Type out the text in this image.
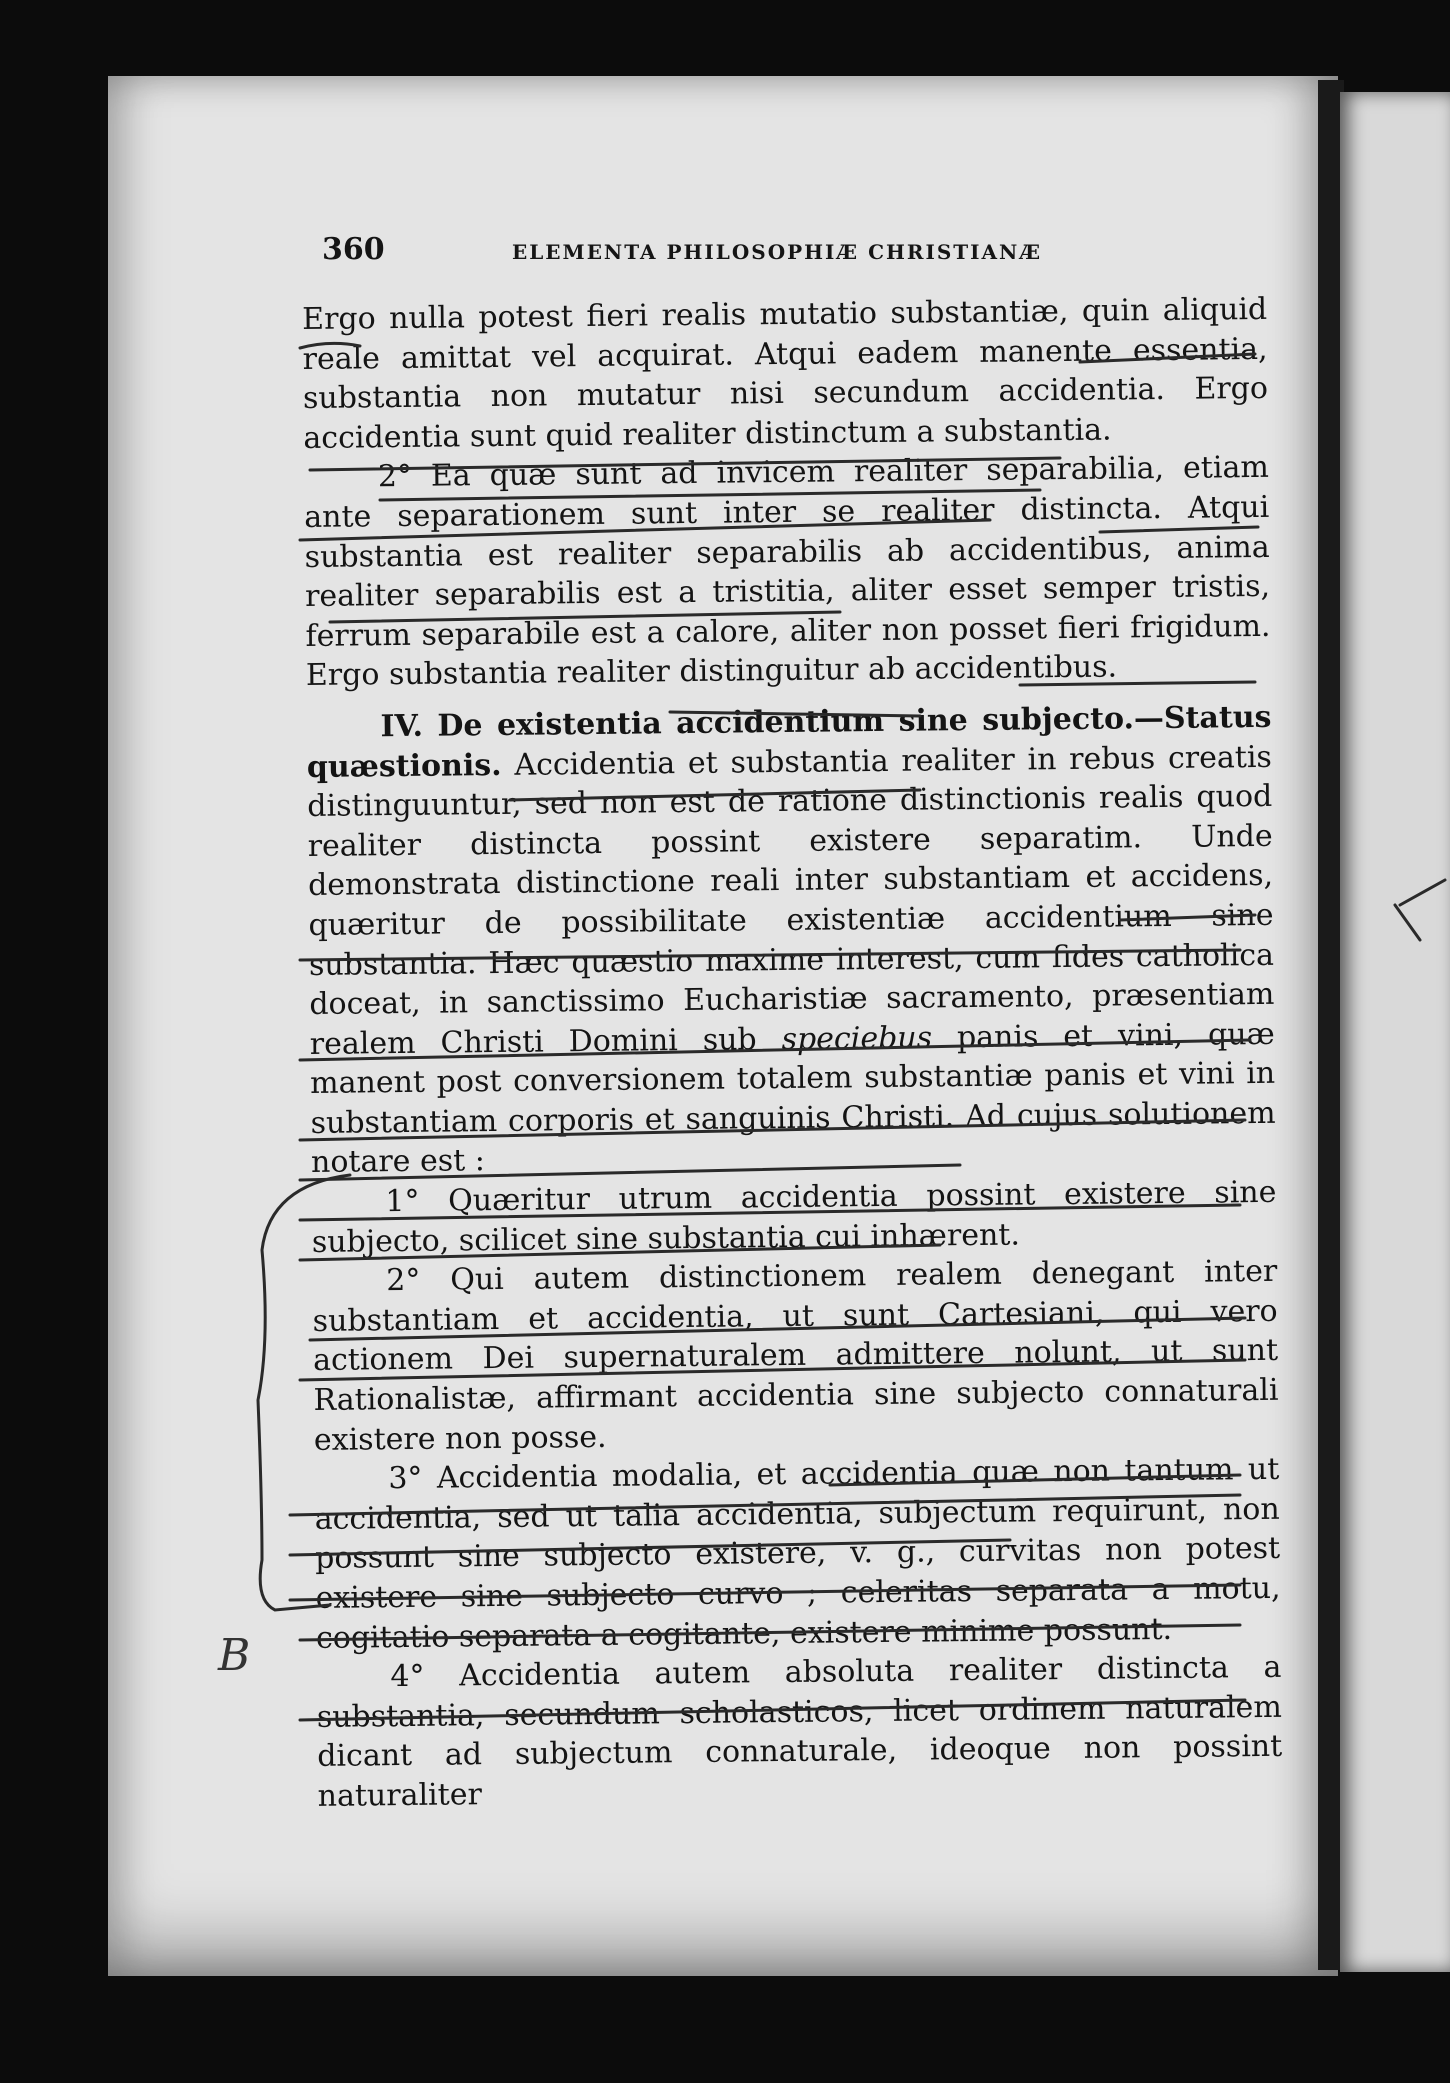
360	ELEMENTA PHILOSOPHIÆ CHRISTIANÆ

Ergo nulla potest fieri realis mutatio substantiæ, quin aliquid reale amittat vel acquirat. Atqui eadem manente essentia, substantia non mutatur nisi secundum accidentia. Ergo accidentia sunt quid realiter distinctum a substantia.

2° Ea quæ sunt ad invicem realiter separabilia, etiam ante separationem sunt inter se realiter distincta. Atqui substantia est realiter separabilis ab accidentibus, anima realiter separabilis est a tristitia, aliter esset semper tristis, ferrum separabile est a calore, aliter non posset fieri frigidum. Ergo substantia realiter distinguitur ab accidentibus.

IV. De existentia accidentium sine subjecto.—Status quæstionis. Accidentia et substantia realiter in rebus creatis distinguuntur, sed non est de ratione distinctionis realis quod realiter distincta possint existere separatim. Unde demonstrata distinctione reali inter substantiam et accidens, quæritur de possibilitate existentiæ accidentium sine substantia. Hæc quæstio maxime interest, cum fides catholica doceat, in sanctissimo Eucharistiæ sacramento, præsentiam realem Christi Domini sub speciebus panis et vini, quæ manent post conversionem totalem substantiæ panis et vini in substantiam corporis et sanguinis Christi. Ad cujus solutionem notare est :

1° Quæritur utrum accidentia possint existere sine subjecto, scilicet sine substantia cui inhærent.

2° Qui autem distinctionem realem denegant inter substantiam et accidentia, ut sunt Cartesiani, qui vero actionem Dei supernaturalem admittere nolunt, ut sunt Rationalistæ, affirmant accidentia sine subjecto connaturali existere non posse.

3° Accidentia modalia, et accidentia quæ non tantum ut accidentia, sed ut talia accidentia, subjectum requirunt, non possunt sine subjecto existere, v. g., curvitas non potest existere sine subjecto curvo ; celeritas separata a motu, cogitatio separata a cogitante, existere minime possunt.

4° Accidentia autem absoluta realiter distincta a substantia, secundum scholasticos, licet ordinem naturalem dicant ad subjectum connaturale, ideoque non possint naturaliter

B
